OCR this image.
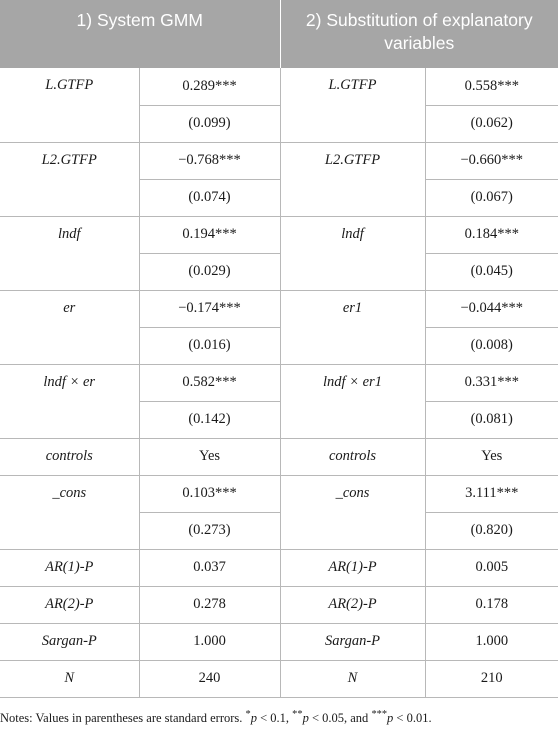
1) System GMM		2) Substitution of explanatory variables	
L.GTFP	0.289***	L.GTFP	0.558***
	(0.099)		(0.062)
L2.GTFP	−0.768***	L2.GTFP	−0.660***
	(0.074)		(0.067)
lndf	0.194***	lndf	0.184***
	(0.029)		(0.045)
er	−0.174***	er1	−0.044***
	(0.016)		(0.008)
lndf × er	0.582***	lndf × er1	0.331***
	(0.142)		(0.081)
controls	Yes	controls	Yes
_cons	0.103***	_cons	3.111***
	(0.273)		(0.820)
AR(1)-P	0.037	AR(1)-P	0.005
AR(2)-P	0.278	AR(2)-P	0.178
Sargan-P	1.000	Sargan-P	1.000
N	240	N	210
Notes: Values in parentheses are standard errors. *p < 0.1, **p < 0.05, and ***p < 0.01.
